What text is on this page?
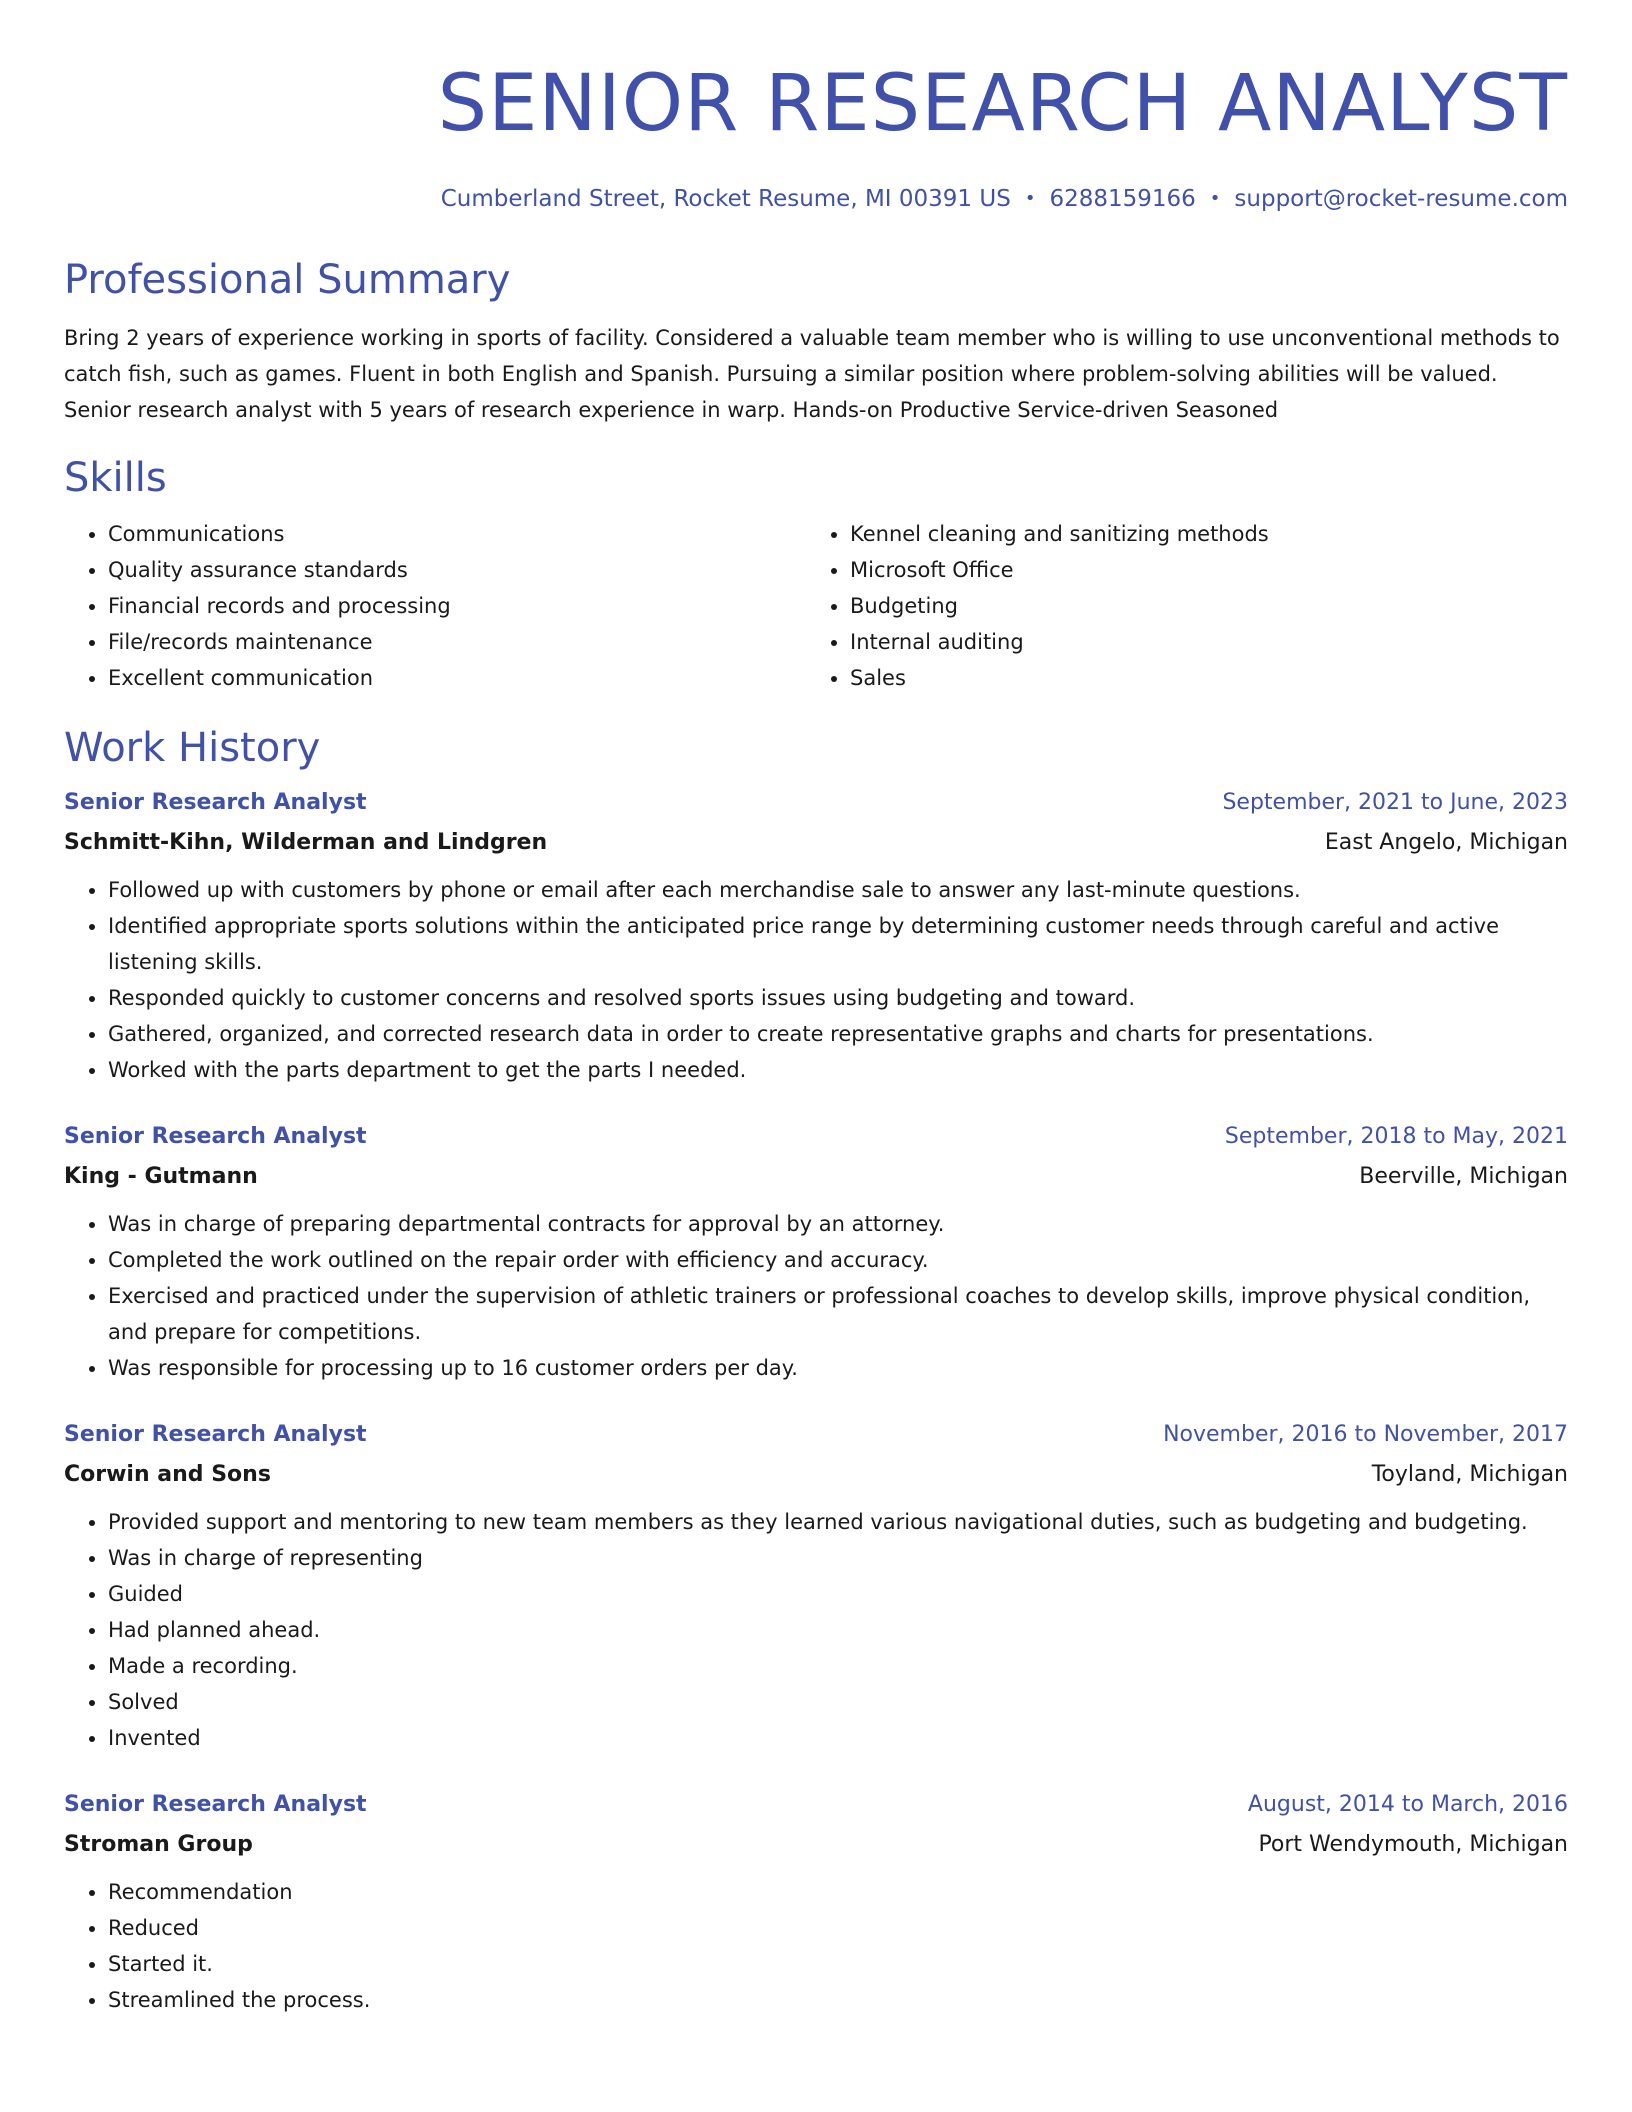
SENIOR RESEARCH ANALYST
Cumberland Street, Rocket Resume, MI 00391 US • 6288159166 • support@rocket-resume.com
Professional Summary
Bring 2 years of experience working in sports of facility. Considered a valuable team member who is willing to use unconventional methods to catch fish, such as games. Fluent in both English and Spanish. Pursuing a similar position where problem-solving abilities will be valued. Senior research analyst with 5 years of research experience in warp. Hands-on Productive Service-driven Seasoned
Skills
• Communications
• Quality assurance standards
• Financial records and processing
• File/records maintenance
• Excellent communication
• Kennel cleaning and sanitizing methods
• Microsoft Office
• Budgeting
• Internal auditing
• Sales
Work History
Senior Research Analyst	September, 2021 to June, 2023
Schmitt-Kihn, Wilderman and Lindgren	East Angelo, Michigan
• Followed up with customers by phone or email after each merchandise sale to answer any last-minute questions.
• Identified appropriate sports solutions within the anticipated price range by determining customer needs through careful and active listening skills.
• Responded quickly to customer concerns and resolved sports issues using budgeting and toward.
• Gathered, organized, and corrected research data in order to create representative graphs and charts for presentations.
• Worked with the parts department to get the parts I needed.
Senior Research Analyst	September, 2018 to May, 2021
King - Gutmann	Beerville, Michigan
• Was in charge of preparing departmental contracts for approval by an attorney.
• Completed the work outlined on the repair order with efficiency and accuracy.
• Exercised and practiced under the supervision of athletic trainers or professional coaches to develop skills, improve physical condition, and prepare for competitions.
• Was responsible for processing up to 16 customer orders per day.
Senior Research Analyst	November, 2016 to November, 2017
Corwin and Sons	Toyland, Michigan
• Provided support and mentoring to new team members as they learned various navigational duties, such as budgeting and budgeting.
• Was in charge of representing
• Guided
• Had planned ahead.
• Made a recording.
• Solved
• Invented
Senior Research Analyst	August, 2014 to March, 2016
Stroman Group	Port Wendymouth, Michigan
• Recommendation
• Reduced
• Started it.
• Streamlined the process.
